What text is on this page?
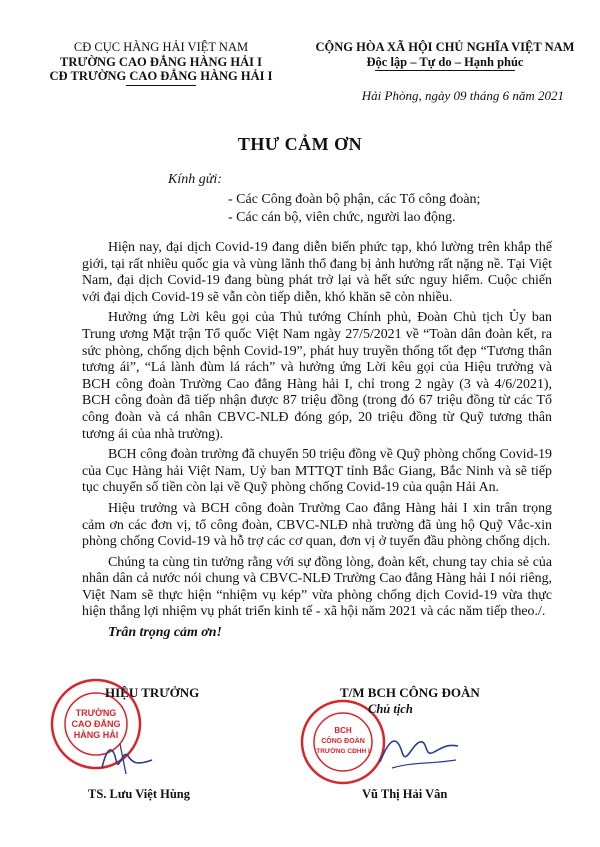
CĐ CỤC HÀNG HẢI VIỆT NAM
TRƯỜNG CAO ĐẲNG HÀNG HẢI I
CĐ TRƯỜNG CAO ĐẲNG HÀNG HẢI I
CỘNG HÒA XÃ HỘI CHỦ NGHĨA VIỆT NAM
Độc lập – Tự do – Hạnh phúc
Hải Phòng, ngày 09 tháng 6 năm 2021
THƯ CẢM ƠN
Kính gửi:
- Các Công đoàn bộ phận, các Tổ công đoàn;
- Các cán bộ, viên chức, người lao động.

Hiện nay, đại dịch Covid-19 đang diễn biến phức tạp, khó lường trên khắp thế giới, tại rất nhiều quốc gia và vùng lãnh thổ đang bị ảnh hưởng rất nặng nề. Tại Việt Nam, đại dịch Covid-19 đang bùng phát trở lại và hết sức nguy hiểm. Cuộc chiến với đại dịch Covid-19 sẽ vẫn còn tiếp diễn, khó khăn sẽ còn nhiều.

Hưởng ứng Lời kêu gọi của Thủ tướng Chính phủ, Đoàn Chủ tịch Ủy ban Trung ương Mặt trận Tổ quốc Việt Nam ngày 27/5/2021 về “Toàn dân đoàn kết, ra sức phòng, chống dịch bệnh Covid-19”, phát huy truyền thống tốt đẹp “Tương thân tương ái”, “Lá lành đùm lá rách” và hưởng ứng Lời kêu gọi của Hiệu trưởng và BCH công đoàn Trường Cao đẳng Hàng hải I, chỉ trong 2 ngày (3 và 4/6/2021), BCH công đoàn đã tiếp nhận được 87 triệu đồng (trong đó 67 triệu đồng từ các Tổ công đoàn và cá nhân CBVC-NLĐ đóng góp, 20 triệu đồng từ Quỹ tương thân tương ái của nhà trường).

BCH công đoàn trường đã chuyển 50 triệu đồng về Quỹ phòng chống Covid-19 của Cục Hàng hải Việt Nam, Uỷ ban MTTQT tỉnh Bắc Giang, Bắc Ninh và sẽ tiếp tục chuyển số tiền còn lại về Quỹ phòng chống Covid-19 của quận Hải An.

Hiệu trưởng và BCH công đoàn Trường Cao đẳng Hàng hải I xin trân trọng cảm ơn các đơn vị, tổ công đoàn, CBVC-NLĐ nhà trường đã ủng hộ Quỹ Vắc-xin phòng chống Covid-19 và hỗ trợ các cơ quan, đơn vị ở tuyến đầu phòng chống dịch.

Chúng ta cùng tin tưởng rằng với sự đồng lòng, đoàn kết, chung tay chia sẻ của nhân dân cả nước nói chung và CBVC-NLĐ Trường Cao đẳng Hàng hải I nói riêng, Việt Nam sẽ thực hiện “nhiệm vụ kép” vừa phòng chống dịch Covid-19 vừa thực hiện thắng lợi nhiệm vụ phát triển kinh tế - xã hội năm 2021 và các năm tiếp theo./.

Trân trọng cảm ơn!

TRƯỜNG
CAO ĐẲNG
HÀNG HẢI
HIỆU TRƯỞNG
TS. Lưu Việt Hùng
BCH
CÔNG ĐOÀN
TRƯỜNG CĐHH I
T/M BCH CÔNG ĐOÀN
Chủ tịch
Vũ Thị Hải Vân
